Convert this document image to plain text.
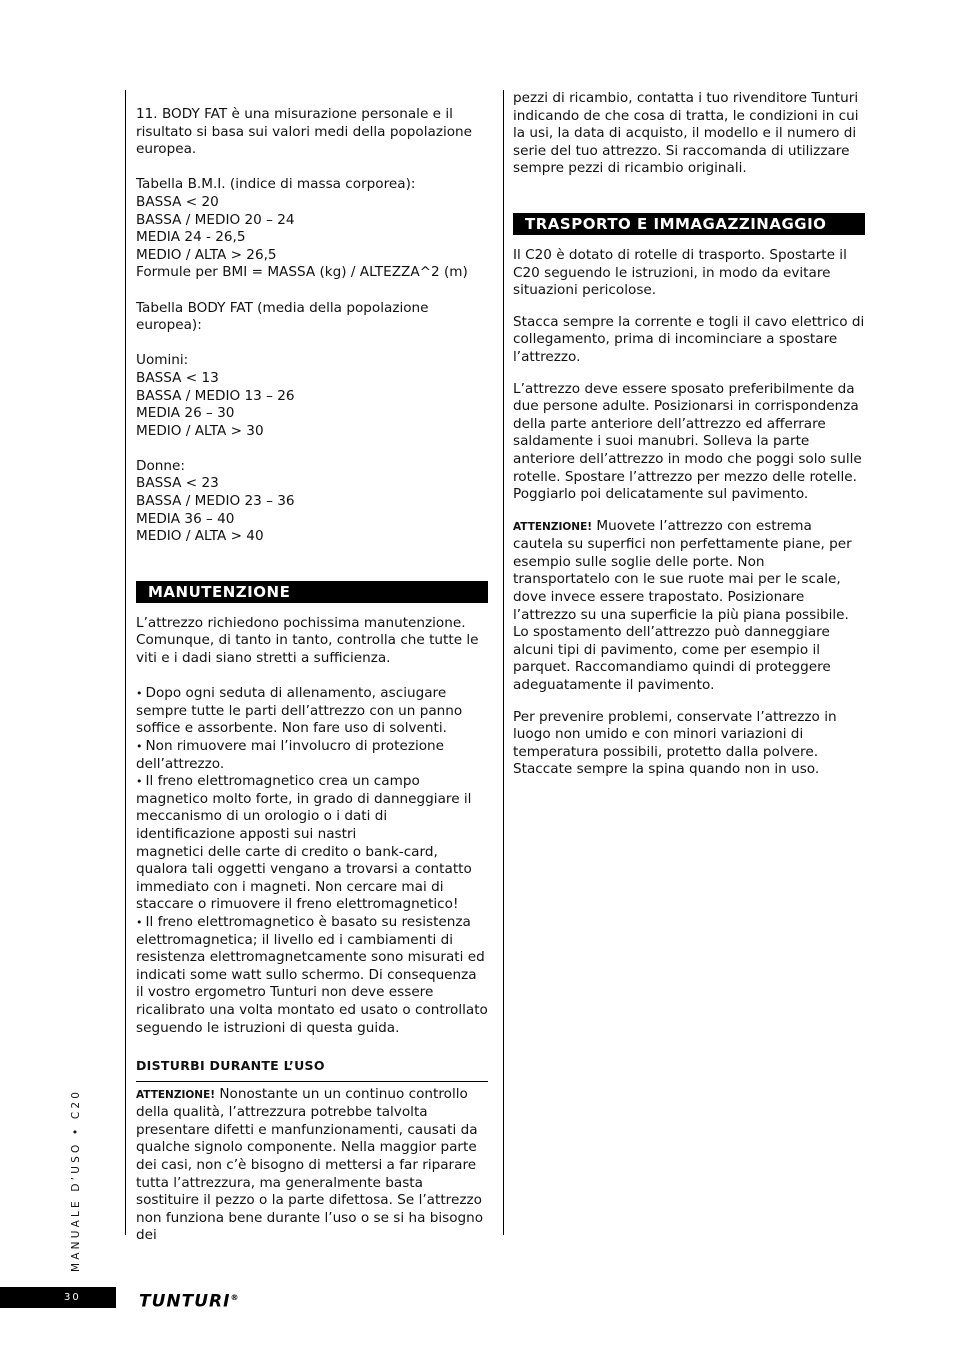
11. BODY FAT è una misurazione personale e il risultato si basa sui valori medi della popolazione europea.

Tabella B.M.I. (indice di massa corporea):

BASSA < 20

BASSA / MEDIO 20 – 24

MEDIA 24 - 26,5

MEDIO / ALTA > 26,5

Formule per BMI = MASSA (kg) / ALTEZZA^2 (m)

Tabella BODY FAT (media della popolazione europea):

Uomini:

BASSA < 13

BASSA / MEDIO 13 – 26

MEDIA 26 – 30

MEDIO / ALTA > 30

Donne:

BASSA < 23

BASSA / MEDIO 23 – 36

MEDIA 36 – 40

MEDIO / ALTA > 40

MANUTENZIONE

L’attrezzo richiedono pochissima manutenzione. Comunque, di tanto in tanto, controlla che tutte le viti e i dadi siano stretti a sufficienza.

• Dopo ogni seduta di allenamento, asciugare sempre tutte le parti dell’attrezzo con un panno soffice e assorbente. Non fare uso di solventi.

• Non rimuovere mai l’involucro di protezione dell’attrezzo.

• Il freno elettromagnetico crea un campo magnetico molto forte, in grado di danneggiare il meccanismo di un orologio o i dati di identificazione apposti sui nastri

magnetici delle carte di credito o bank-card, qualora tali oggetti vengano a trovarsi a contatto immediato con i magneti. Non cercare mai di staccare o rimuovere il freno elettromagnetico!

• Il freno elettromagnetico è basato su resistenza elettromagnetica; il livello ed i cambiamenti di resistenza elettromagnetcamente sono misurati ed indicati some watt sullo schermo. Di consequenza il vostro ergometro Tunturi non deve essere ricalibrato una volta montato ed usato o controllato seguendo le istruzioni di questa guida.

DISTURBI DURANTE L’USO

ATTENZIONE! Nonostante un un continuo controllo della qualità, l’attrezzura potrebbe talvolta presentare difetti e manfunzionamenti, causati da qualche signolo componente. Nella maggior parte dei casi, non c’è bisogno di mettersi a far riparare tutta l’attrezzura, ma generalmente basta sostituire il pezzo o la parte difettosa. Se l’attrezzo non funziona bene durante l’uso o se si ha bisogno dei

pezzi di ricambio, contatta i tuo rivenditore Tunturi indicando de che cosa di tratta, le condizioni in cui la usi, la data di acquisto, il modello e il numero di serie del tuo attrezzo. Si raccomanda di utilizzare sempre pezzi di ricambio originali.

TRASPORTO E IMMAGAZZINAGGIO

Il C20 è dotato di rotelle di trasporto. Spostarte il C20 seguendo le istruzioni, in modo da evitare situazioni pericolose.

Stacca sempre la corrente e togli il cavo elettrico di collegamento, prima di incominciare a spostare l’attrezzo.

L’attrezzo deve essere sposato preferibilmente da due persone adulte. Posizionarsi in corrispondenza della parte anteriore dell’attrezzo ed afferrare saldamente i suoi manubri. Solleva la parte anteriore dell’attrezzo in modo che poggi solo sulle rotelle. Spostare l’attrezzo per mezzo delle rotelle. Poggiarlo poi delicatamente sul pavimento.

ATTENZIONE! Muovete l’attrezzo con estrema cautela su superfici non perfettamente piane, per esempio sulle soglie delle porte. Non transportatelo con le sue ruote mai per le scale, dove invece essere trapostato. Posizionare l’attrezzo su una superficie la più piana possibile. Lo spostamento dell’attrezzo può danneggiare alcuni tipi di pavimento, come per esempio il parquet. Raccomandiamo quindi di proteggere adeguatamente il pavimento.

Per prevenire problemi, conservate l’attrezzo in luogo non umido e con minori variazioni di temperatura possibili, protetto dalla polvere. Staccate sempre la spina quando non in uso.

MANUALE D’USO • C20
30	TUNTURI®
